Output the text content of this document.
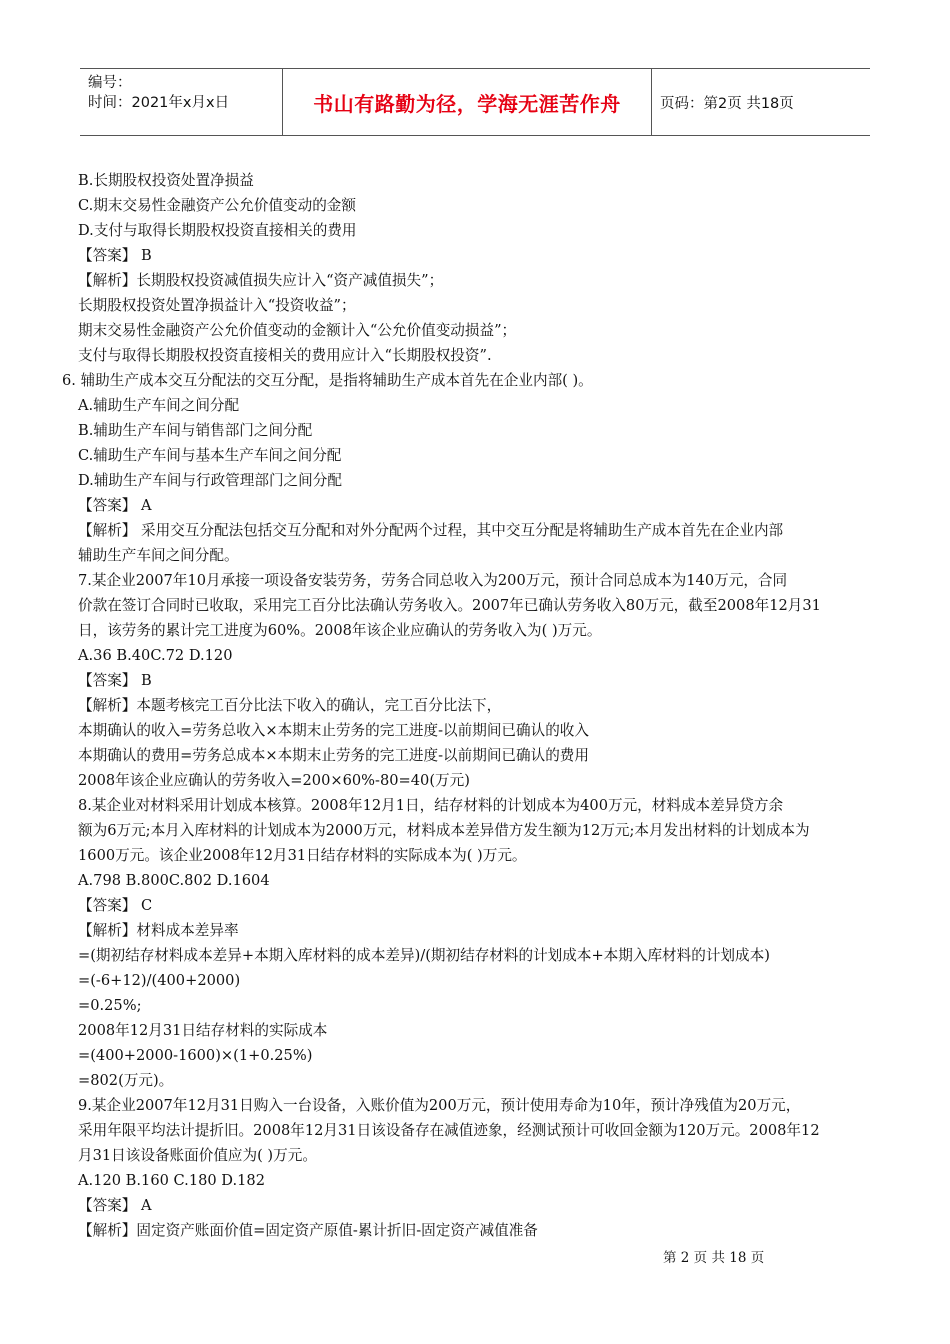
编号：
时间：2021年x月x日	书山有路勤为径，学海无涯苦作舟	页码：第2页 共18页
B.长期股权投资处置净损益
C.期末交易性金融资产公允价值变动的金额
D.支付与取得长期股权投资直接相关的费用
【答案】 B
【解析】长期股权投资减值损失应计入“资产减值损失”；
长期股权投资处置净损益计入“投资收益”；
期末交易性金融资产公允价值变动的金额计入“公允价值变动损益”；
支付与取得长期股权投资直接相关的费用应计入“长期股权投资”.
6. 辅助生产成本交互分配法的交互分配，是指将辅助生产成本首先在企业内部( )。
A.辅助生产车间之间分配
B.辅助生产车间与销售部门之间分配
C.辅助生产车间与基本生产车间之间分配
D.辅助生产车间与行政管理部门之间分配
【答案】 A
【解析】 采用交互分配法包括交互分配和对外分配两个过程，其中交互分配是将辅助生产成本首先在企业内部
辅助生产车间之间分配。
7.某企业2007年10月承接一项设备安装劳务，劳务合同总收入为200万元，预计合同总成本为140万元，合同
价款在签订合同时已收取，采用完工百分比法确认劳务收入。2007年已确认劳务收入80万元，截至2008年12月31
日，该劳务的累计完工进度为60%。2008年该企业应确认的劳务收入为( )万元。
A.36 B.40C.72 D.120
【答案】 B
【解析】本题考核完工百分比法下收入的确认，完工百分比法下，
本期确认的收入=劳务总收入×本期末止劳务的完工进度-以前期间已确认的收入
本期确认的费用=劳务总成本×本期末止劳务的完工进度-以前期间已确认的费用
2008年该企业应确认的劳务收入=200×60%-80=40(万元)
8.某企业对材料采用计划成本核算。2008年12月1日，结存材料的计划成本为400万元，材料成本差异贷方余
额为6万元;本月入库材料的计划成本为2000万元，材料成本差异借方发生额为12万元;本月发出材料的计划成本为
1600万元。该企业2008年12月31日结存材料的实际成本为( )万元。
A.798 B.800C.802 D.1604
【答案】 C
【解析】材料成本差异率
=(期初结存材料成本差异+本期入库材料的成本差异)/(期初结存材料的计划成本+本期入库材料的计划成本)
=(-6+12)/(400+2000)
=0.25%;
2008年12月31日结存材料的实际成本
=(400+2000-1600)×(1+0.25%)
=802(万元)。
9.某企业2007年12月31日购入一台设备，入账价值为200万元，预计使用寿命为10年，预计净残值为20万元，
采用年限平均法计提折旧。2008年12月31日该设备存在减值迹象，经测试预计可收回金额为120万元。2008年12
月31日该设备账面价值应为( )万元。
A.120 B.160 C.180 D.182
【答案】 A
【解析】固定资产账面价值=固定资产原值-累计折旧-固定资产减值准备
第 2 页 共 18 页
